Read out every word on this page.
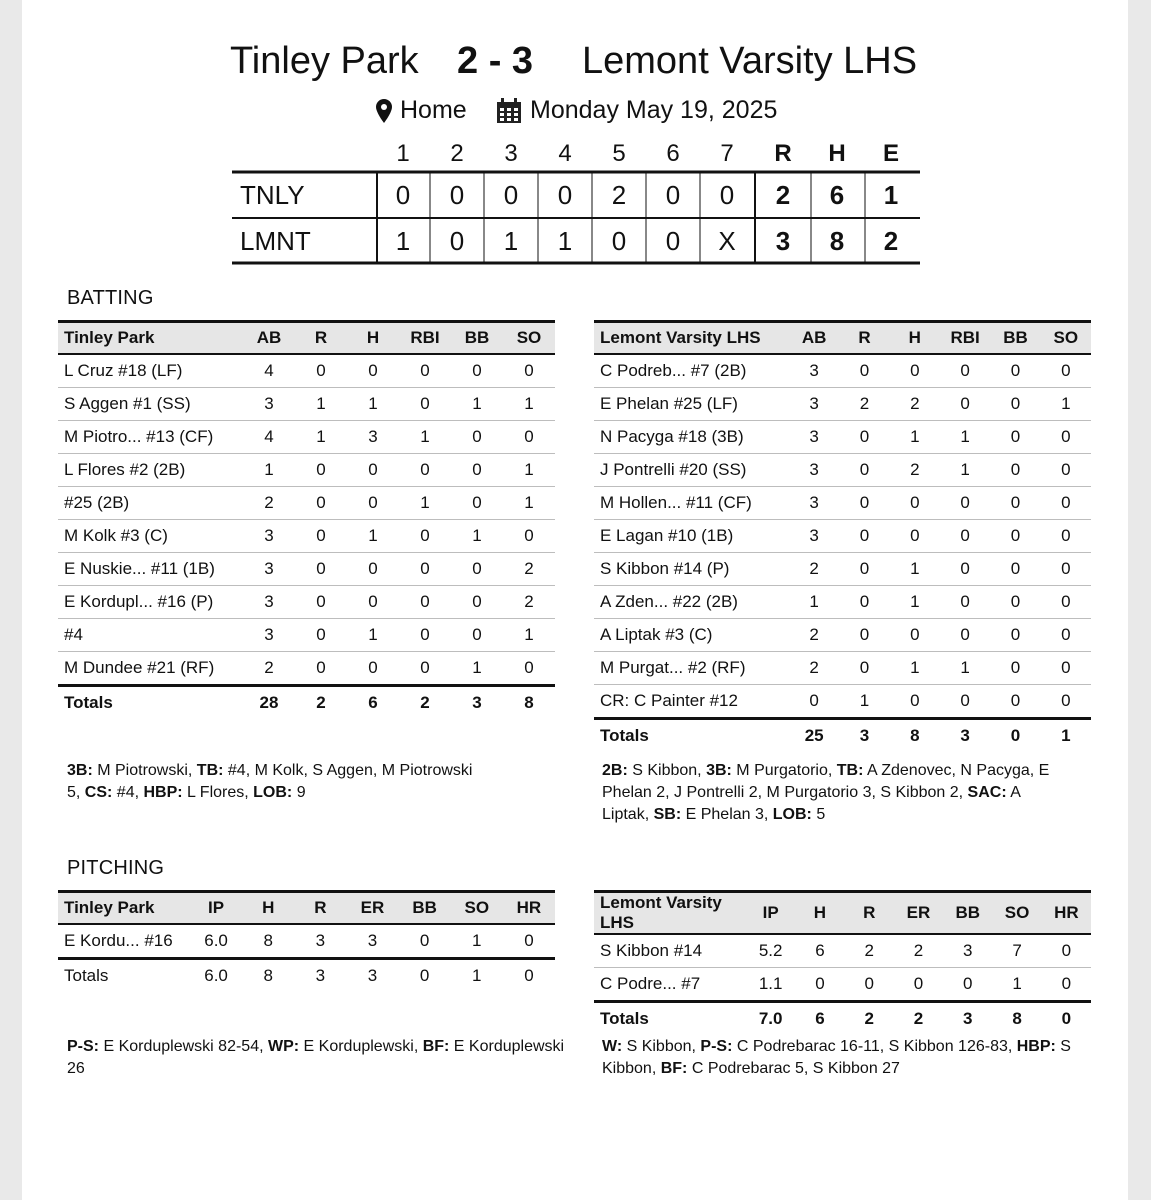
Tinley Park 2 - 3 Lemont Varsity LHS
Home	Monday May 19, 2025
1	2	3	4	5	6	7	R	H	E
TNLY	0	0	0	0	2	0	0	2	6	1
LMNT	1	0	1	1	0	0	X	3	8	2
BATTING
Tinley Park	AB	R	H	RBI	BB	SO
L Cruz #18 (LF)	4	0	0	0	0	0
S Aggen #1 (SS)	3	1	1	0	1	1
M Piotro... #13 (CF)	4	1	3	1	0	0
L Flores #2 (2B)	1	0	0	0	0	1
#25 (2B)	2	0	0	1	0	1
M Kolk #3 (C)	3	0	1	0	1	0
E Nuskie... #11 (1B)	3	0	0	0	0	2
E Kordupl... #16 (P)	3	0	0	0	0	2
#4	3	0	1	0	0	1
M Dundee #21 (RF)	2	0	0	0	1	0
Totals	28	2	6	2	3	8
Lemont Varsity LHS	AB	R	H	RBI	BB	SO
C Podreb... #7 (2B)	3	0	0	0	0	0
E Phelan #25 (LF)	3	2	2	0	0	1
N Pacyga #18 (3B)	3	0	1	1	0	0
J Pontrelli #20 (SS)	3	0	2	1	0	0
M Hollen... #11 (CF)	3	0	0	0	0	0
E Lagan #10 (1B)	3	0	0	0	0	0
S Kibbon #14 (P)	2	0	1	0	0	0
A Zden... #22 (2B)	1	0	1	0	0	0
A Liptak #3 (C)	2	0	0	0	0	0
M Purgat... #2 (RF)	2	0	1	1	0	0
CR: C Painter #12	0	1	0	0	0	0
Totals	25	3	8	3	0	1
3B: M Piotrowski, TB: #4, M Kolk, S Aggen, M Piotrowski 5, CS: #4, HBP: L Flores, LOB: 9
2B: S Kibbon, 3B: M Purgatorio, TB: A Zdenovec, N Pacyga, E Phelan 2, J Pontrelli 2, M Purgatorio 3, S Kibbon 2, SAC: A Liptak, SB: E Phelan 3, LOB: 5
PITCHING
Tinley Park	IP	H	R	ER	BB	SO	HR
E Kordu... #16	6.0	8	3	3	0	1	0
Totals	6.0	8	3	3	0	1	0
Lemont Varsity LHS	IP	H	R	ER	BB	SO	HR
S Kibbon #14	5.2	6	2	2	3	7	0
C Podre... #7	1.1	0	0	0	0	1	0
Totals	7.0	6	2	2	3	8	0
P-S: E Korduplewski 82-54, WP: E Korduplewski, BF: E Korduplewski 26
W: S Kibbon, P-S: C Podrebarac 16-11, S Kibbon 126-83, HBP: S Kibbon, BF: C Podrebarac 5, S Kibbon 27
